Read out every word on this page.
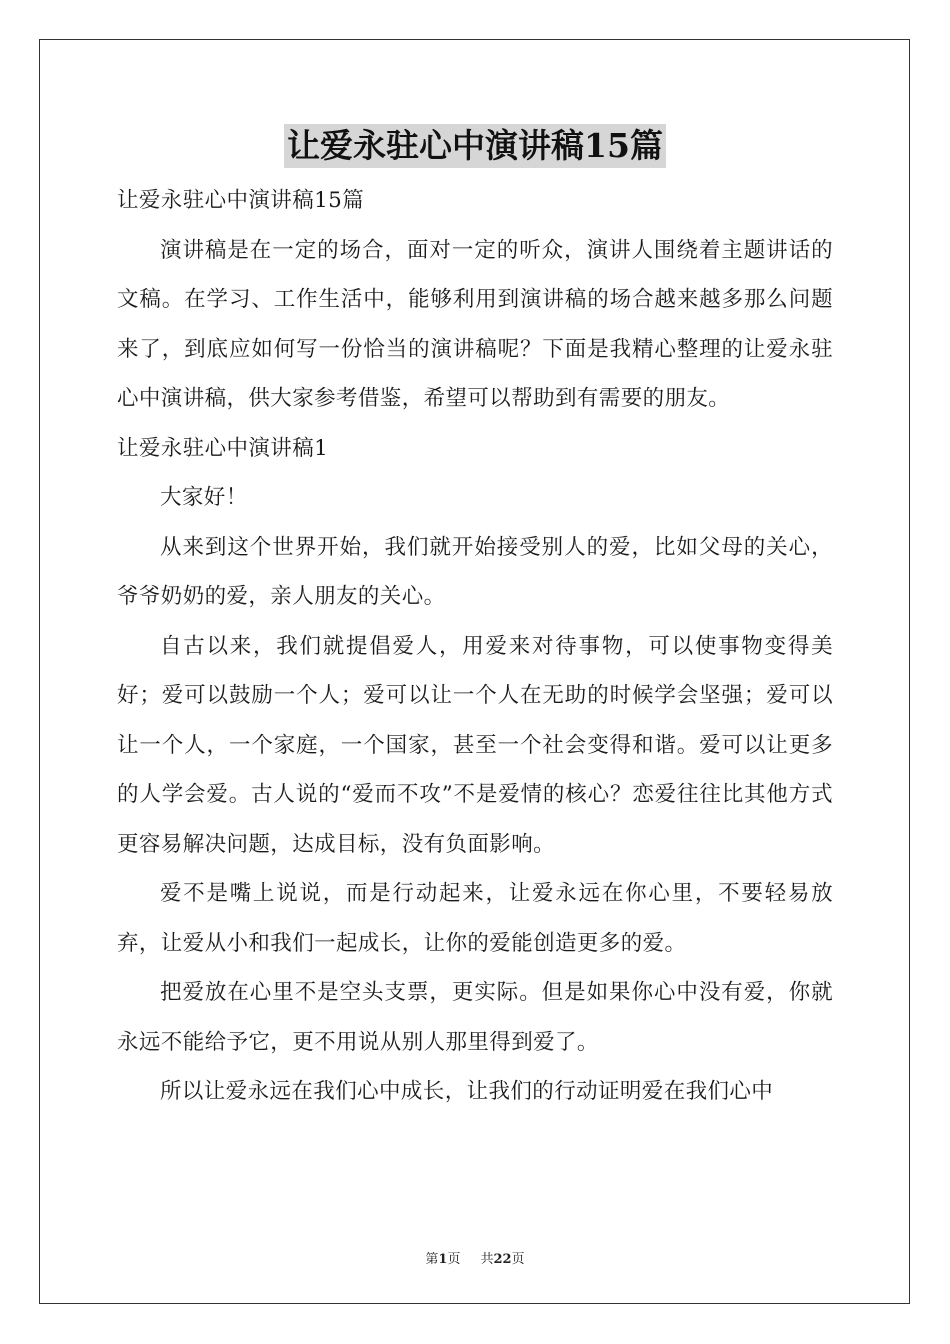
让爱永驻心中演讲稿15篇

让爱永驻心中演讲稿15篇

演讲稿是在一定的场合，面对一定的听众，演讲人围绕着主题讲话的文稿。在学习、工作生活中，能够利用到演讲稿的场合越来越多那么问题来了，到底应如何写一份恰当的演讲稿呢？下面是我精心整理的让爱永驻心中演讲稿，供大家参考借鉴，希望可以帮助到有需要的朋友。

让爱永驻心中演讲稿1

大家好！

从来到这个世界开始，我们就开始接受别人的爱，比如父母的关心，爷爷奶奶的爱，亲人朋友的关心。

自古以来，我们就提倡爱人，用爱来对待事物，可以使事物变得美好；爱可以鼓励一个人；爱可以让一个人在无助的时候学会坚强；爱可以让一个人，一个家庭，一个国家，甚至一个社会变得和谐。爱可以让更多的人学会爱。古人说的“爱而不攻”不是爱情的核心？恋爱往往比其他方式更容易解决问题，达成目标，没有负面影响。

爱不是嘴上说说，而是行动起来，让爱永远在你心里，不要轻易放弃，让爱从小和我们一起成长，让你的爱能创造更多的爱。

把爱放在心里不是空头支票，更实际。但是如果你心中没有爱，你就永远不能给予它，更不用说从别人那里得到爱了。

所以让爱永远在我们心中成长，让我们的行动证明爱在我们心中

第1页 共22页
